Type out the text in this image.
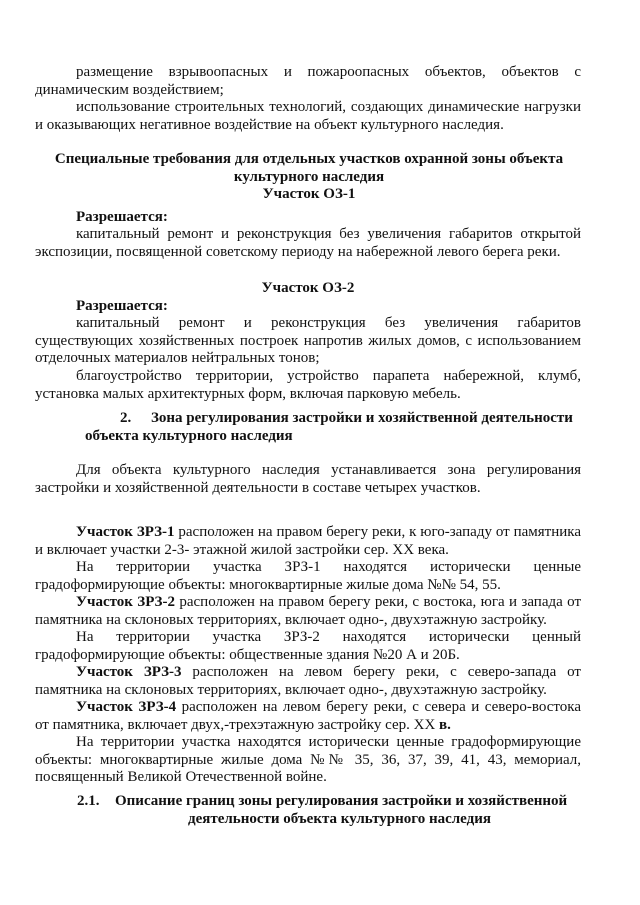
размещение взрывоопасных и пожароопасных объектов, объектов с динамическим воздействием;
использование строительных технологий, создающих динамические нагрузки и оказывающих негативное воздействие на объект культурного наследия.
Специальные требования для отдельных участков охранной зоны объекта
культурного наследия
Участок ОЗ-1
Разрешается:
капитальный ремонт и реконструкция без увеличения габаритов открытой экспозиции, посвященной советскому периоду на набережной левого берега реки.
Участок ОЗ-2
Разрешается:
капитальный ремонт и реконструкция без увеличения габаритов существующих хозяйственных построек напротив жилых домов, с использованием отделочных материалов нейтральных тонов;
благоустройство территории, устройство парапета набережной, клумб, установка малых архитектурных форм, включая парковую мебель.
2. Зона регулирования застройки и хозяйственной деятельности
объекта культурного наследия
Для объекта культурного наследия устанавливается зона регулирования застройки и хозяйственной деятельности в составе четырех участков.
Участок ЗРЗ-1 расположен на правом берегу реки, к юго-западу от памятника и включает участки 2-3- этажной жилой застройки сер. XX века.
На территории участка ЗРЗ-1 находятся исторически ценные градоформирующие объекты: многоквартирные жилые дома №№ 54, 55.
Участок ЗРЗ-2 расположен на правом берегу реки, с востока, юга и запада от памятника на склоновых территориях, включает одно-, двухэтажную застройку.
На территории участка ЗРЗ-2 находятся исторически ценный градоформирующие объекты: общественные здания №20 А и 20Б.
Участок ЗРЗ-3 расположен на левом берегу реки, с северо-запада от памятника на склоновых территориях, включает одно-, двухэтажную застройку.
Участок ЗРЗ-4 расположен на левом берегу реки, с севера и северо-востока от памятника, включает двух,-трехэтажную застройку сер. XX в.
На территории участка находятся исторически ценные градоформирующие объекты: многоквартирные жилые дома №№ 35, 36, 37, 39, 41, 43, мемориал, посвященный Великой Отечественной войне.
2.1. Описание границ зоны регулирования застройки и хозяйственной
деятельности объекта культурного наследия
